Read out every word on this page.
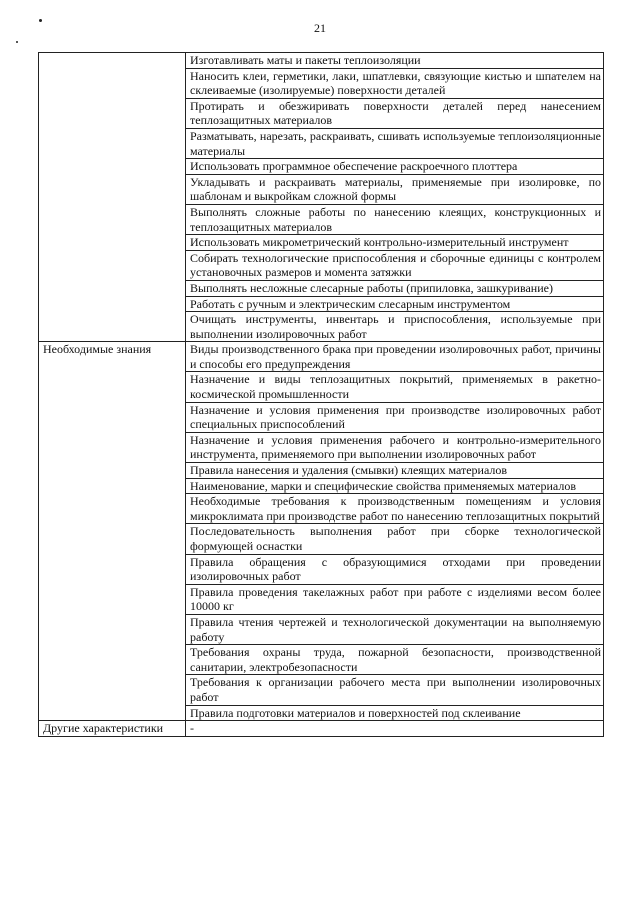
21
	Изготавливать маты и пакеты теплоизоляции
	Наносить клеи, герметики, лаки, шпатлевки, связующие кистью и шпателем на склеиваемые (изолируемые) поверхности деталей
	Протирать и обезжиривать поверхности деталей перед нанесением теплозащитных материалов
	Разматывать, нарезать, раскраивать, сшивать используемые теплоизоляционные материалы
	Использовать программное обеспечение раскроечного плоттера
	Укладывать и раскраивать материалы, применяемые при изолировке, по шаблонам и выкройкам сложной формы
	Выполнять сложные работы по нанесению клеящих, конструкционных и теплозащитных материалов
	Использовать микрометрический контрольно-измерительный инструмент
	Собирать технологические приспособления и сборочные единицы с контролем установочных размеров и момента затяжки
	Выполнять несложные слесарные работы (припиловка, зашкуривание)
	Работать с ручным и электрическим слесарным инструментом
	Очищать инструменты, инвентарь и приспособления, используемые при выполнении изолировочных работ
Необходимые знания	Виды производственного брака при проведении изолировочных работ, причины и способы его предупреждения
	Назначение и виды теплозащитных покрытий, применяемых в ракетно-космической промышленности
	Назначение и условия применения при производстве изолировочных работ специальных приспособлений
	Назначение и условия применения рабочего и контрольно-измерительного инструмента, применяемого при выполнении изолировочных работ
	Правила нанесения и удаления (смывки) клеящих материалов
	Наименование, марки и специфические свойства применяемых материалов
	Необходимые требования к производственным помещениям и условия микроклимата при производстве работ по нанесению теплозащитных покрытий
	Последовательность выполнения работ при сборке технологической формующей оснастки
	Правила обращения с образующимися отходами при проведении изолировочных работ
	Правила проведения такелажных работ при работе с изделиями весом более 10000 кг
	Правила чтения чертежей и технологической документации на выполняемую работу
	Требования охраны труда, пожарной безопасности, производственной санитарии, электробезопасности
	Требования к организации рабочего места при выполнении изолировочных работ
	Правила подготовки материалов и поверхностей под склеивание
Другие характеристики	-
